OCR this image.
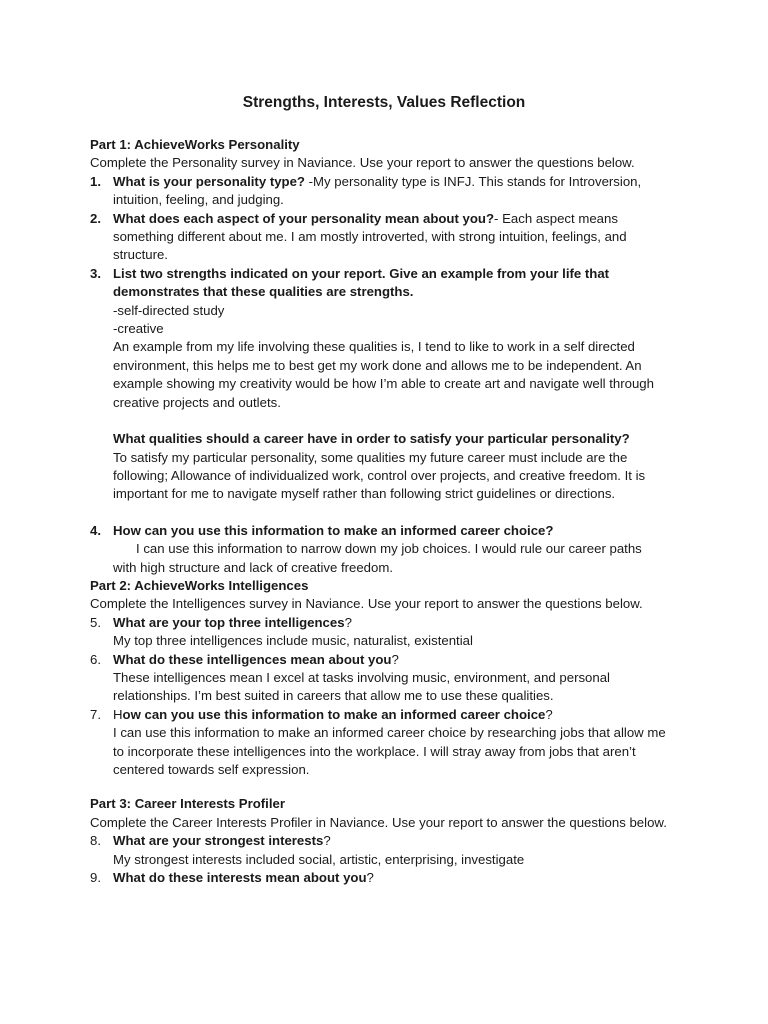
Strengths, Interests, Values Reflection

Part 1: AchieveWorks Personality

Complete the Personality survey in Naviance. Use your report to answer the questions below.

1. What is your personality type? -My personality type is INFJ. This stands for Introversion, intuition, feeling, and judging.
2. What does each aspect of your personality mean about you?- Each aspect means something different about me. I am mostly introverted, with strong intuition, feelings, and structure.
3. List two strengths indicated on your report. Give an example from your life that demonstrates that these qualities are strengths.

-self-directed study

-creative

An example from my life involving these qualities is, I tend to like to work in a self directed environment, this helps me to best get my work done and allows me to be independent. An example showing my creativity would be how I’m able to create art and navigate well through creative projects and outlets.

What qualities should a career have in order to satisfy your particular personality?

To satisfy my particular personality, some qualities my future career must include are the following; Allowance of individualized work, control over projects, and creative freedom. It is important for me to navigate myself rather than following strict guidelines or directions.

4. How can you use this information to make an informed career choice?

I can use this information to narrow down my job choices. I would rule our career paths

with high structure and lack of creative freedom.

Part 2: AchieveWorks Intelligences

Complete the Intelligences survey in Naviance. Use your report to answer the questions below.

5. What are your top three intelligences?

My top three intelligences include music, naturalist, existential

6. What do these intelligences mean about you?

These intelligences mean I excel at tasks involving music, environment, and personal relationships. I’m best suited in careers that allow me to use these qualities.

7. How can you use this information to make an informed career choice?

I can use this information to make an informed career choice by researching jobs that allow me to incorporate these intelligences into the workplace. I will stray away from jobs that aren’t centered towards self expression.

Part 3: Career Interests Profiler

Complete the Career Interests Profiler in Naviance. Use your report to answer the questions below.

8. What are your strongest interests?

My strongest interests included social, artistic, enterprising, investigate

9. What do these interests mean about you?
